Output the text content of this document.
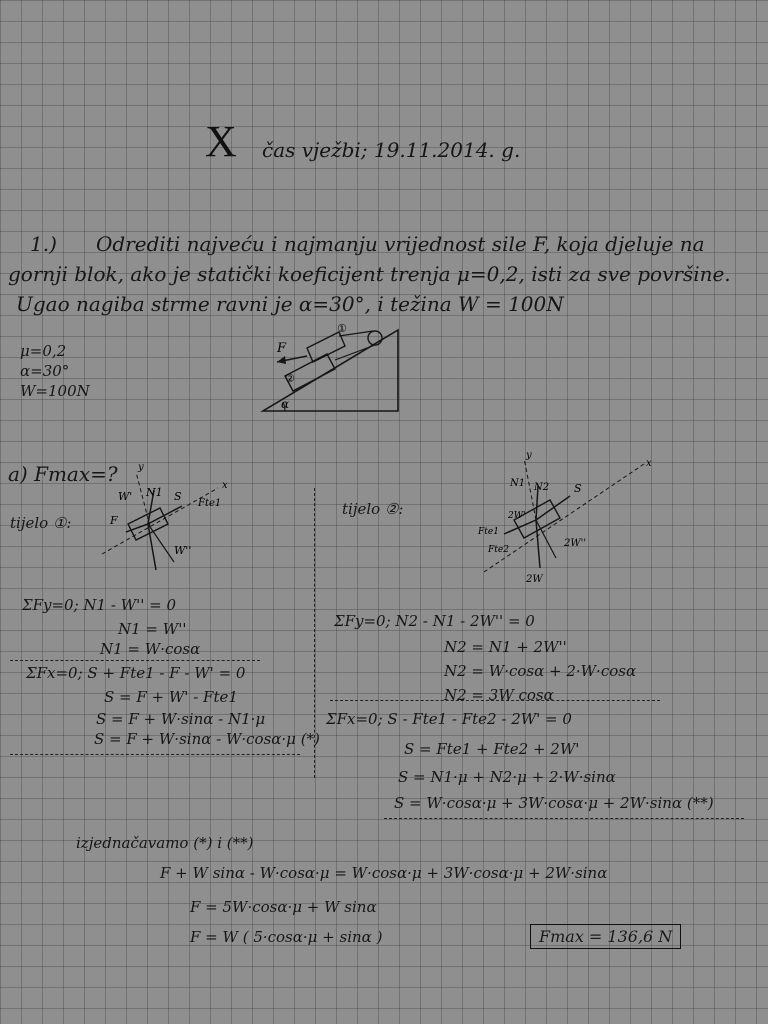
X čas vježbi; 19.11.2014. g.
1.) Odrediti najveću i najmanju vrijednost sile F, koja djeluje na
gornji blok, ako je statički koeficijent trenja μ=0,2, isti za sve površine.
Ugao nagiba strme ravni je α=30°, i težina W = 100N
μ=0,2
α=30°
W=100N
F
②
①
α
a) Fmax=?
tijelo ①:
y
x
N1 S
Fte1
F
W'
W''
tijelo ②:
y
x
N1 N2 S
Fte1
Fte2
2W''
2W
2W'
ΣFy=0; N1 - W'' = 0
N1 = W''
N1 = W·cosα
ΣFx=0; S + Fte1 - F - W' = 0
S = F + W' - Fte1
S = F + W·sinα - N1·μ
S = F + W·sinα - W·cosα·μ (*)
ΣFy=0; N2 - N1 - 2W'' = 0
N2 = N1 + 2W''
N2 = W·cosα + 2·W·cosα
N2 = 3W cosα
ΣFx=0; S - Fte1 - Fte2 - 2W' = 0
S = Fte1 + Fte2 + 2W'
S = N1·μ + N2·μ + 2·W·sinα
S = W·cosα·μ + 3W·cosα·μ + 2W·sinα (**)
izjednačavamo (*) i (**)
F + W sinα - W·cosα·μ = W·cosα·μ + 3W·cosα·μ + 2W·sinα
F = 5W·cosα·μ + W sinα
F = W ( 5·cosα·μ + sinα )	Fmax = 136,6 N
